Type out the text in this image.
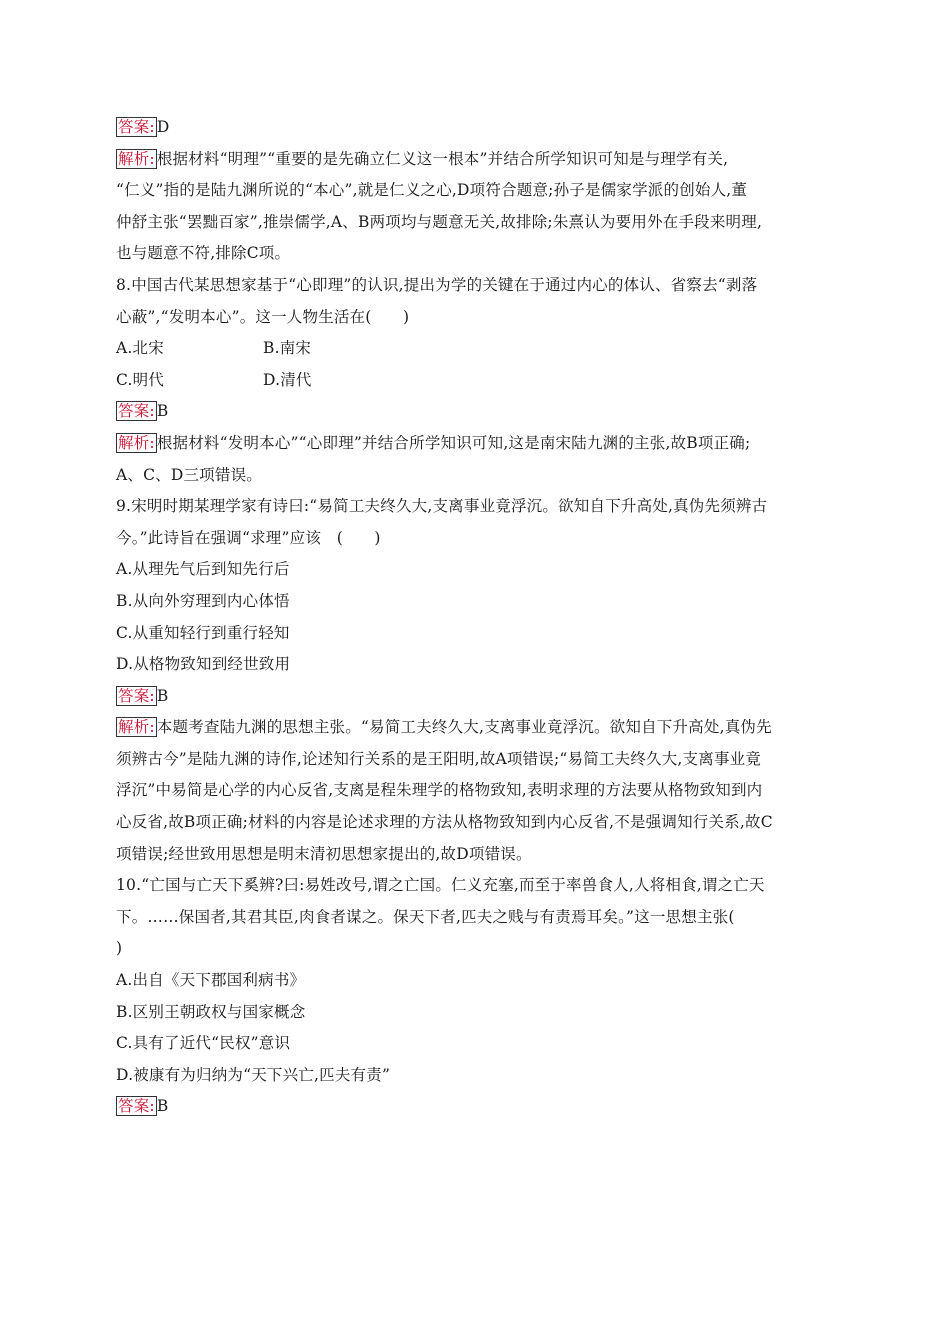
答案: D
解析: 根据材料“明理”“重要的是先确立仁义这一根本”并结合所学知识可知是与理学有关,
“仁义”指的是陆九渊所说的“本心”,就是仁义之心,D项符合题意;孙子是儒家学派的创始人,董
仲舒主张“罢黜百家”,推崇儒学,A、B两项均与题意无关,故排除;朱熹认为要用外在手段来明理,
也与题意不符,排除C项。
8.中国古代某思想家基于“心即理”的认识,提出为学的关键在于通过内心的体认、省察去“剥落
心蔽”,“发明本心”。这一人物生活在(　　)
A.北宋	B.南宋
C.明代	D.清代
答案: B
解析: 根据材料“发明本心”“心即理”并结合所学知识可知,这是南宋陆九渊的主张,故B项正确;
A、C、D三项错误。
9.宋明时期某理学家有诗曰:“易简工夫终久大,支离事业竟浮沉。欲知自下升高处,真伪先须辨古
今。”此诗旨在强调“求理”应该　(　　)
A.从理先气后到知先行后
B.从向外穷理到内心体悟
C.从重知轻行到重行轻知
D.从格物致知到经世致用
答案: B
解析: 本题考查陆九渊的思想主张。“易简工夫终久大,支离事业竟浮沉。欲知自下升高处,真伪先
须辨古今”是陆九渊的诗作,论述知行关系的是王阳明,故A项错误;“易简工夫终久大,支离事业竟
浮沉”中易简是心学的内心反省,支离是程朱理学的格物致知,表明求理的方法要从格物致知到内
心反省,故B项正确;材料的内容是论述求理的方法从格物致知到内心反省,不是强调知行关系,故C
项错误;经世致用思想是明末清初思想家提出的,故D项错误。
10.“亡国与亡天下奚辨?曰:易姓改号,谓之亡国。仁义充塞,而至于率兽食人,人将相食,谓之亡天
下。……保国者,其君其臣,肉食者谋之。保天下者,匹夫之贱与有责焉耳矣。”这一思想主张(
)
A.出自《天下郡国利病书》
B.区别王朝政权与国家概念
C.具有了近代“民权”意识
D.被康有为归纳为“天下兴亡,匹夫有责”
答案: B
